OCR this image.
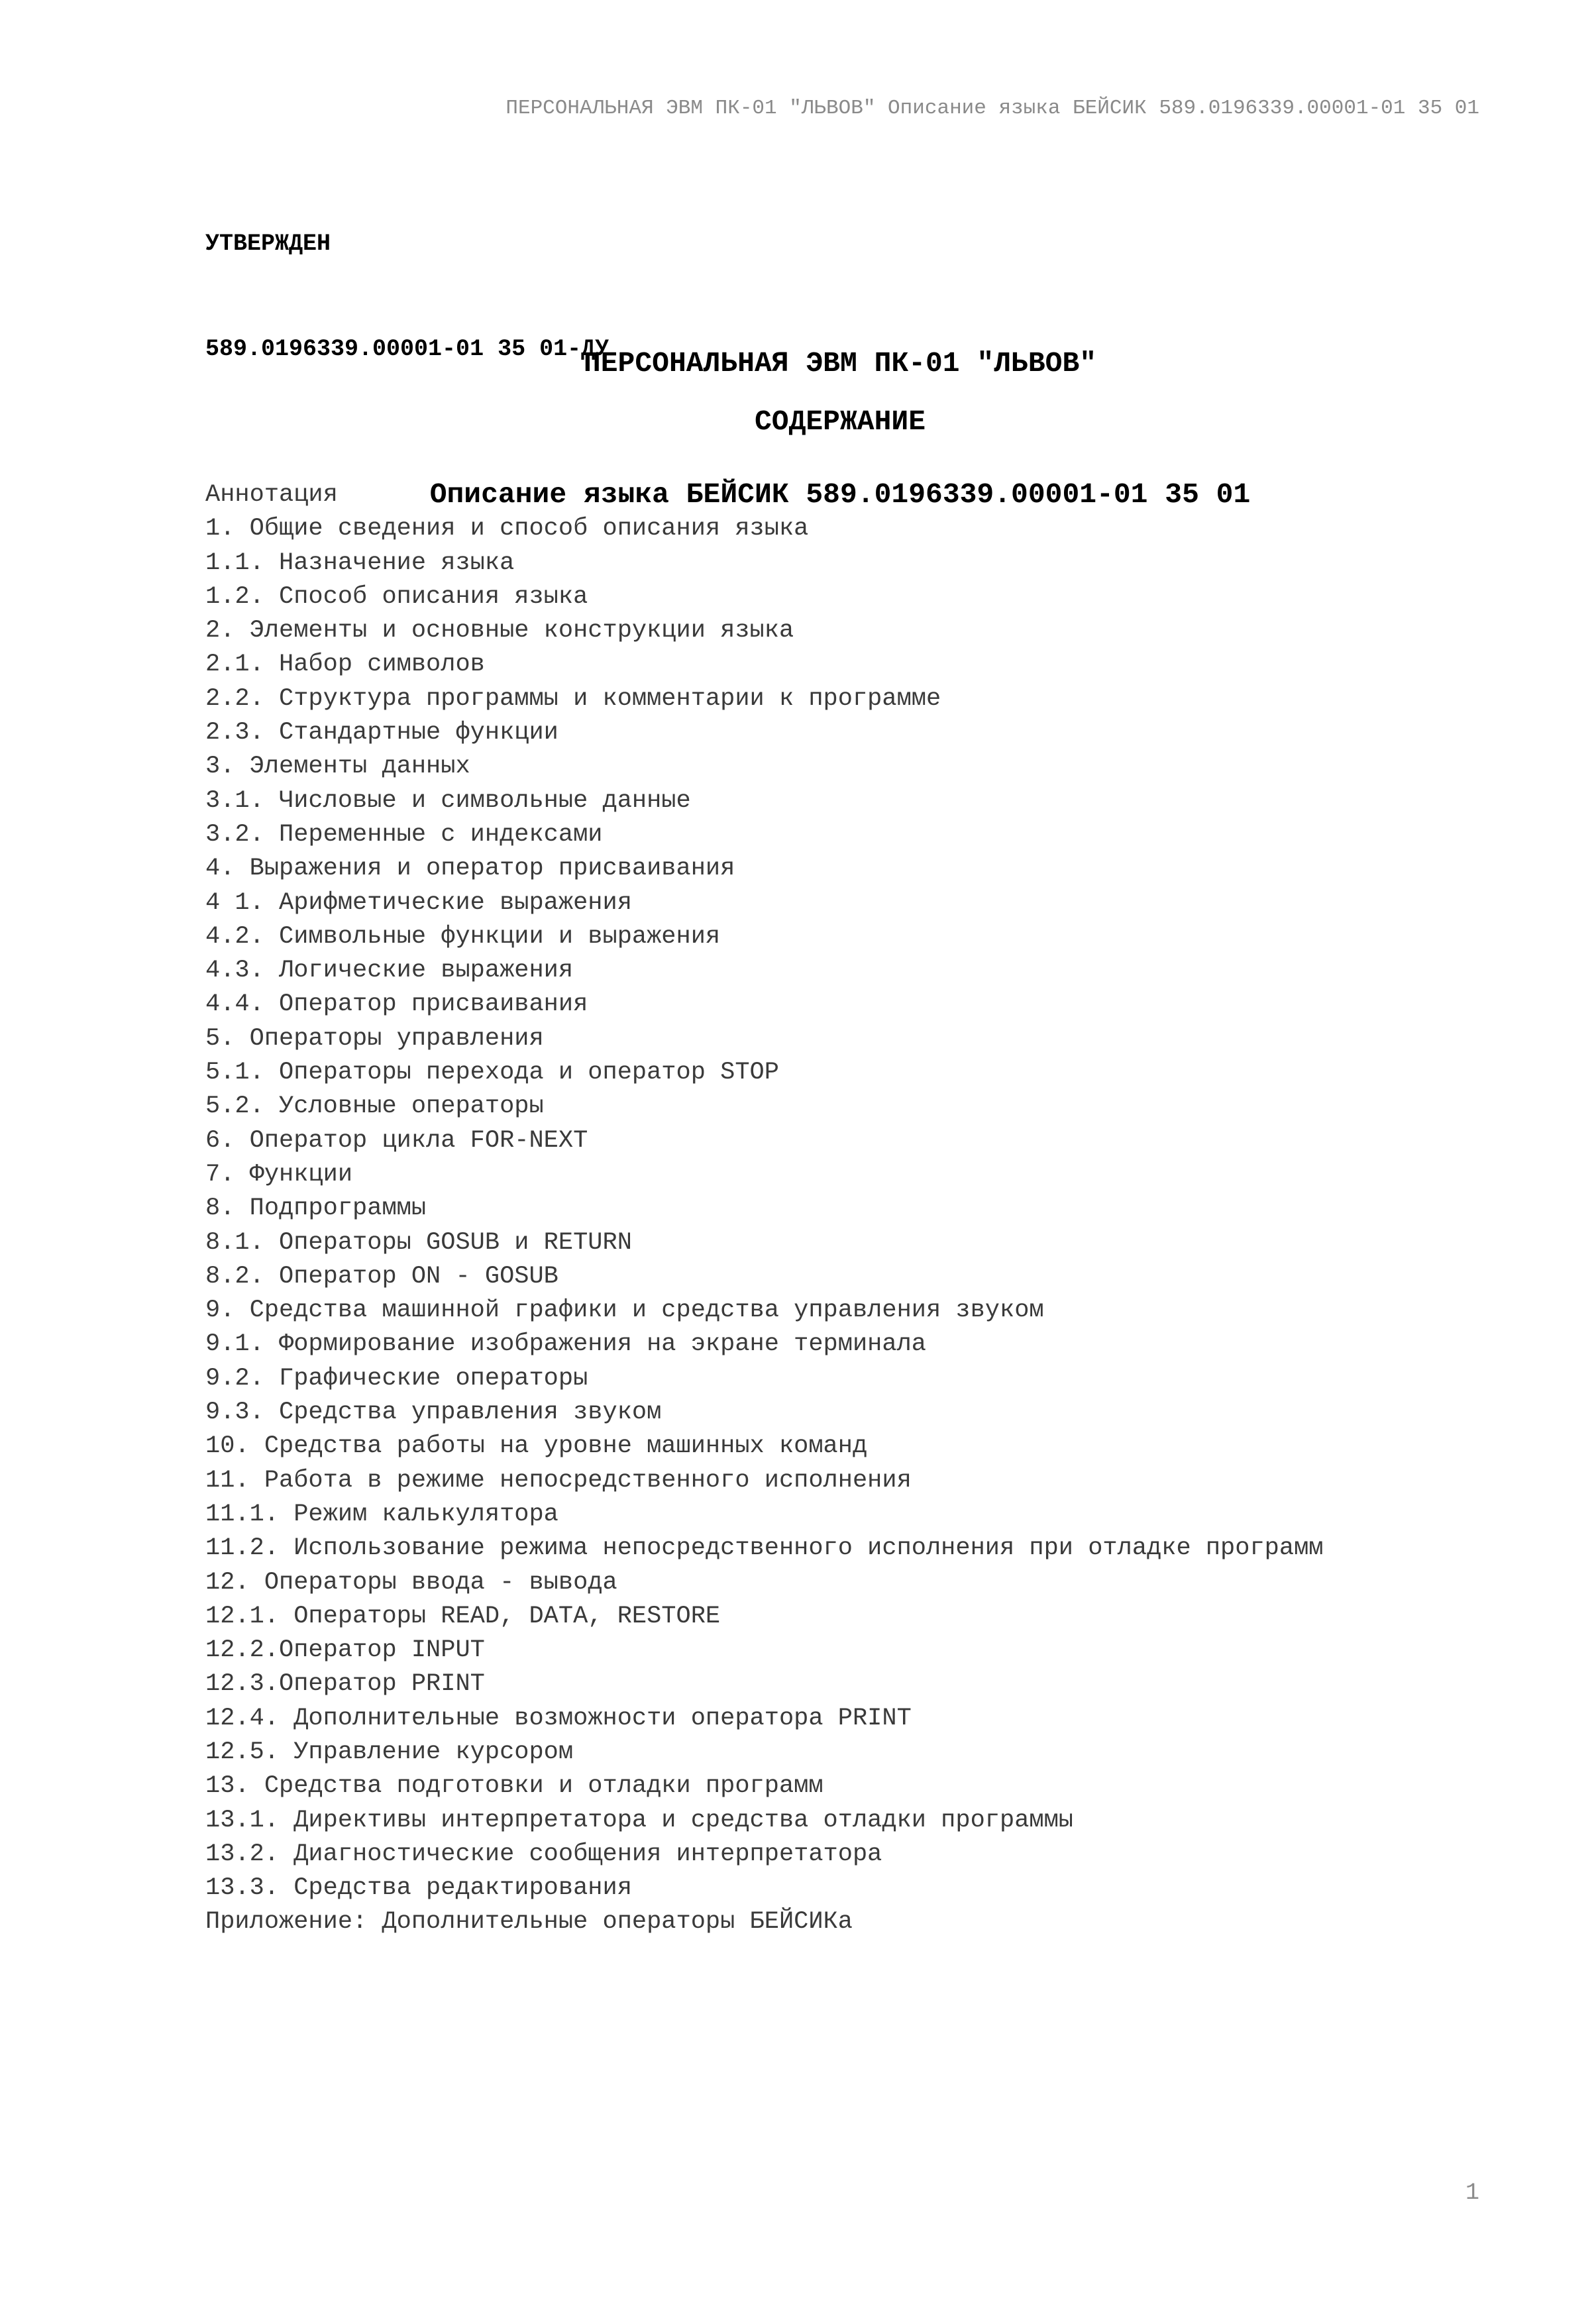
ПЕРСОНАЛЬНАЯ ЭВМ ПК-01 "ЛЬВОВ" Описание языка БЕЙСИК 589.0196339.00001-01 35 01

УТВЕРЖДЕН

589.0196339.00001-01 35 01-ДУ

ПЕРСОНАЛЬНАЯ ЭВМ ПК-01 "ЛЬВОВ"

Описание языка БЕЙСИК 589.0196339.00001-01 35 01

СОДЕРЖАНИЕ
Аннотация
1. Общие сведения и способ описания языка
1.1. Назначение языка
1.2. Способ описания языка
2. Элементы и основные конструкции языка
2.1. Набор символов
2.2. Структура программы и комментарии к программе
2.3. Стандартные функции
3. Элементы данных
3.1. Числовые и символьные данные
3.2. Переменные с индексами
4. Выражения и оператор присваивания
4 1. Арифметические выражения
4.2. Символьные функции и выражения
4.3. Логические выражения
4.4. Оператор присваивания
5. Операторы управления
5.1. Операторы перехода и оператор STOP
5.2. Условные операторы
6. Оператор цикла FOR-NEXT
7. Функции
8. Подпрограммы
8.1. Операторы GOSUB и RETURN
8.2. Оператор ON - GOSUB
9. Средства машинной графики и средства управления звуком
9.1. Формирование изображения на экране терминала
9.2. Графические операторы
9.3. Средства управления звуком
10. Средства работы на уровне машинных команд
11. Работа в режиме непосредственного исполнения
11.1. Режим калькулятора
11.2. Использование режима непосредственного исполнения при отладке программ
12. Операторы ввода - вывода
12.1. Операторы READ, DATA, RESTORE
12.2.Оператор INPUT
12.3.Оператор PRINT
12.4. Дополнительные возможности оператора PRINT
12.5. Управление курсором
13. Средства подготовки и отладки программ
13.1. Директивы интерпретатора и средства отладки программы
13.2. Диагностические сообщения интерпретатора
13.3. Средства редактирования
Приложение: Дополнительные операторы БЕЙСИКа
1
